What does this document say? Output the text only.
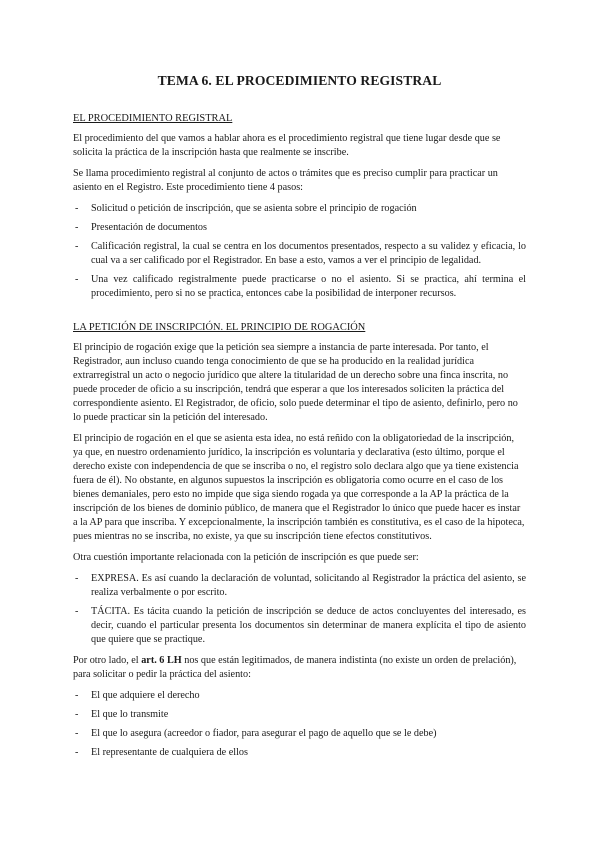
TEMA 6. EL PROCEDIMIENTO REGISTRAL
EL PROCEDIMIENTO REGISTRAL

El procedimiento del que vamos a hablar ahora es el procedimiento registral que tiene lugar desde que se solicita la práctica de la inscripción hasta que realmente se inscribe.

Se llama procedimiento registral al conjunto de actos o trámites que es preciso cumplir para practicar un asiento en el Registro. Este procedimiento tiene 4 pasos:

- Solicitud o petición de inscripción, que se asienta sobre el principio de rogación
- Presentación de documentos
- Calificación registral, la cual se centra en los documentos presentados, respecto a su validez y eficacia, lo cual va a ser calificado por el Registrador. En base a esto, vamos a ver el principio de legalidad.
- Una vez calificado registralmente puede practicarse o no el asiento. Si se practica, ahí termina el procedimiento, pero si no se practica, entonces cabe la posibilidad de interponer recursos.
LA PETICIÓN DE INSCRIPCIÓN. EL PRINCIPIO DE ROGACIÓN

El principio de rogación exige que la petición sea siempre a instancia de parte interesada. Por tanto, el Registrador, aun incluso cuando tenga conocimiento de que se ha producido en la realidad jurídica extrarregistral un acto o negocio jurídico que altere la titularidad de un derecho sobre una finca inscrita, no puede proceder de oficio a su inscripción, tendrá que esperar a que los interesados soliciten la práctica del correspondiente asiento. El Registrador, de oficio, solo puede determinar el tipo de asiento, definirlo, pero no lo puede practicar sin la petición del interesado.

El principio de rogación en el que se asienta esta idea, no está reñido con la obligatoriedad de la inscripción, ya que, en nuestro ordenamiento jurídico, la inscripción es voluntaria y declarativa (esto último, porque el derecho existe con independencia de que se inscriba o no, el registro solo declara algo que ya tiene existencia fuera de él). No obstante, en algunos supuestos la inscripción es obligatoria como ocurre en el caso de los bienes demaniales, pero esto no impide que siga siendo rogada ya que corresponde a la AP la práctica de la inscripción de los bienes de dominio público, de manera que el Registrador lo único que puede hacer es instar a la AP para que inscriba. Y excepcionalmente, la inscripción también es constitutiva, es el caso de la hipoteca, pues mientras no se inscriba, no existe, ya que su inscripción tiene efectos constitutivos.

Otra cuestión importante relacionada con la petición de inscripción es que puede ser:

- EXPRESA. Es así cuando la declaración de voluntad, solicitando al Registrador la práctica del asiento, se realiza verbalmente o por escrito.
- TÁCITA. Es tácita cuando la petición de inscripción se deduce de actos concluyentes del interesado, es decir, cuando el particular presenta los documentos sin determinar de manera explícita el tipo de asiento que quiere que se practique.

Por otro lado, el art. 6 LH nos que están legitimados, de manera indistinta (no existe un orden de prelación), para solicitar o pedir la práctica del asiento:

- El que adquiere el derecho
- El que lo transmite
- El que lo asegura (acreedor o fiador, para asegurar el pago de aquello que se le debe)
- El representante de cualquiera de ellos
